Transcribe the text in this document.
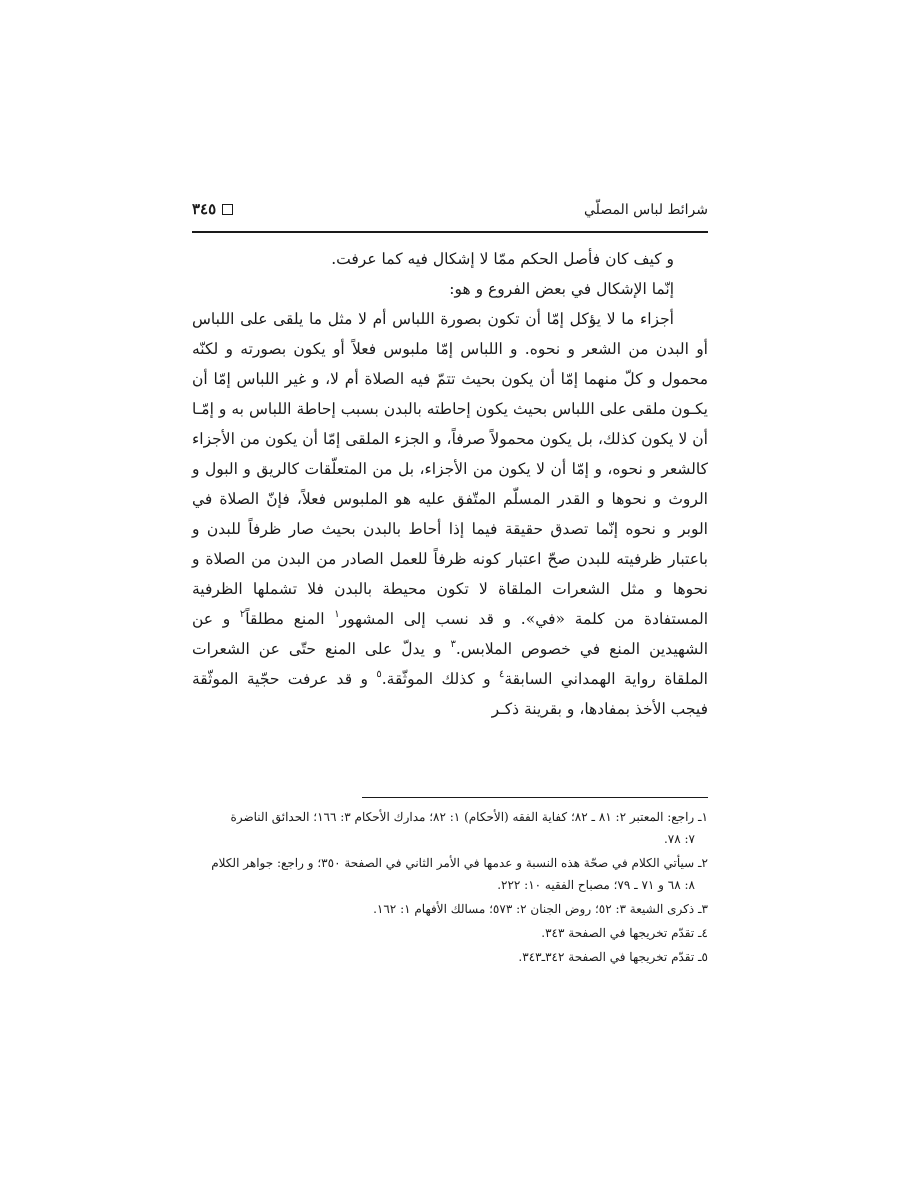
شرائط لباس المصلّي
٣٤٥

و كيف كان فأصل الحكم ممّا لا إشكال فيه كما عرفت.

إنّما الإشكال في بعض الفروع و هو:

أجزاء ما لا يؤكل إمّا أن تكون بصورة اللباس أم لا مثل ما يلقى على اللباس أو البدن من الشعر و نحوه. و اللباس إمّا ملبوس فعلاً أو يكون بصورته و لكنّه محمول و كلّ منهما إمّا أن يكون بحيث تتمّ فيه الصلاة أم لا، و غير اللباس إمّا أن يكـون ملقى على اللباس بحيث يكون إحاطته بالبدن بسبب إحاطة اللباس به و إمّـا أن لا يكون كذلك، بل يكون محمولاً صرفاً، و الجزء الملقى إمّا أن يكون من الأجزاء كالشعر و نحوه، و إمّا أن لا يكون من الأجزاء، بل من المتعلّقات كالريق و البول و الروث و نحوها و القدر المسلّم المتّفق عليه هو الملبوس فعلاً، فإنّ الصلاة في الوبر و نحوه إنّما تصدق حقيقة فيما إذا أحاط بالبدن بحيث صار ظرفاً للبدن و باعتبار ظرفيته للبدن صحّ اعتبار كونه ظرفاً للعمل الصادر من البدن من الصلاة و نحوها و مثل الشعرات الملقاة لا تكون محيطة بالبدن فلا تشملها الظرفية المستفادة من كلمة «في». و قد نسب إلى المشهور$^١$ المنع مطلقاً$^٢$ و عن الشهيدين المنع في خصوص الملابس.$^٣$ و يدلّ على المنع حتّى عن الشعرات الملقاة رواية الهمداني السابقة$^٤$ و كذلك الموثّقة.$^٥$ و قد عرفت حجّية الموثّقة فيجب الأخذ بمفادها، و بقرينة ذكـر

١ـ راجع: المعتبر ٢: ٨١ ـ ٨٢؛ كفاية الفقه (الأحكام) ١: ٨٢؛ مدارك الأحكام ٣: ١٦٦؛ الحدائق الناضرة
٧: ٧٨.

٢ـ سيأتي الكلام في صحّة هذه النسبة و عدمها في الأمر الثاني في الصفحة ٣٥٠؛ و راجع: جواهر الكلام
٨: ٦٨ و ٧١ ـ ٧٩؛ مصباح الفقيه ١٠: ٢٢٢.

٣ـ ذكرى الشيعة ٣: ٥٢؛ روض الجنان ٢: ٥٧٣؛ مسالك الأفهام ١: ١٦٢.

٤ـ تقدّم تخريجها في الصفحة ٣٤٣.

٥ـ تقدّم تخريجها في الصفحة ٣٤٢ـ٣٤٣.
